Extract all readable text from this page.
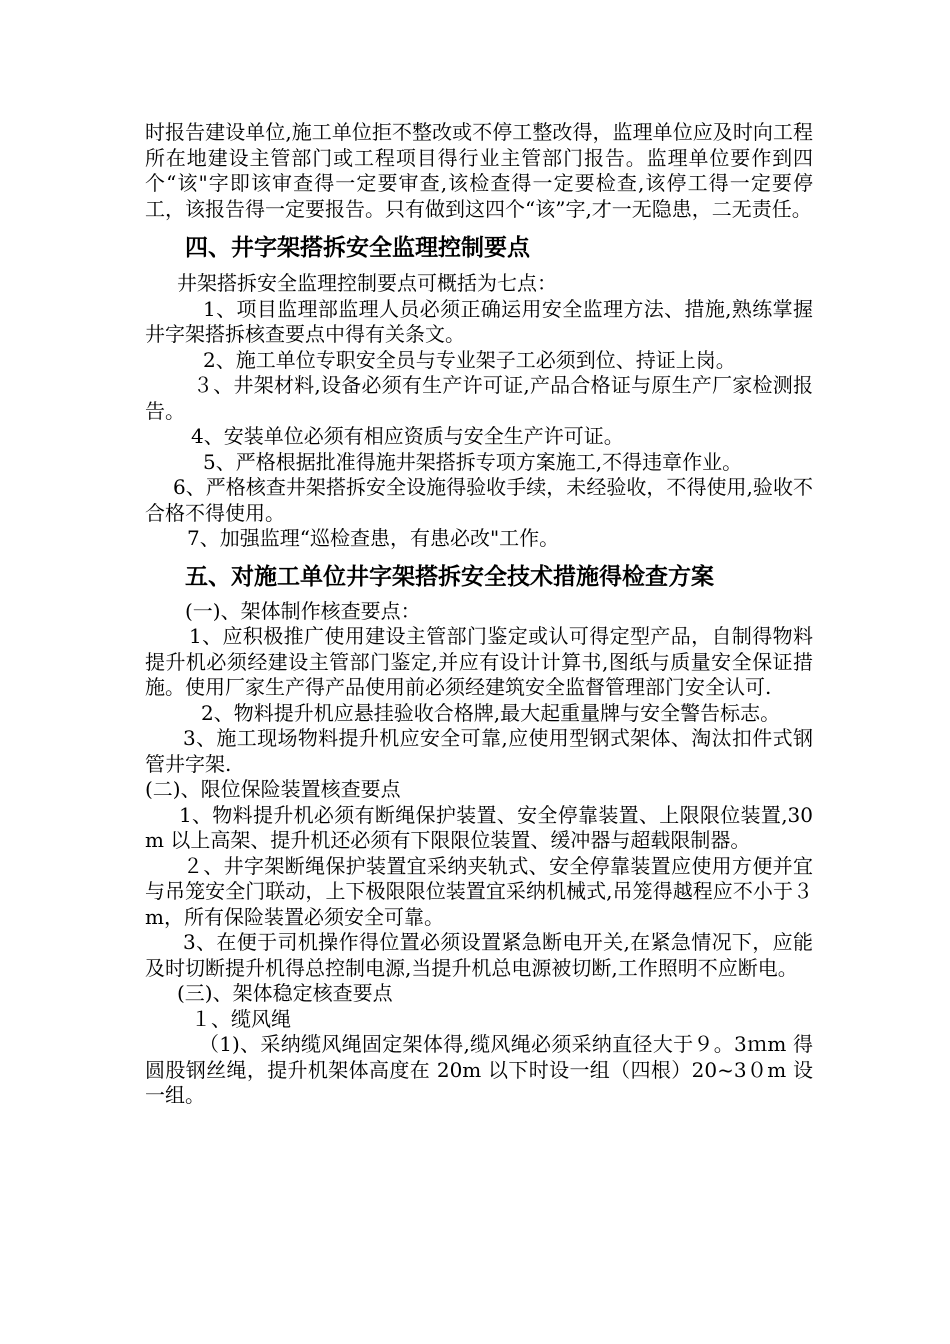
时报告建设单位,施工单位拒不整改或不停工整改得，监理单位应及时向工程所在地建设主管部门或工程项目得行业主管部门报告。监理单位要作到四个“该"字即该审查得一定要审查,该检查得一定要检查,该停工得一定要停工，该报告得一定要报告。只有做到这四个“该”字,才一无隐患，二无责任。

四、井字架搭拆安全监理控制要点

井架搭拆安全监理控制要点可概括为七点：

1、项目监理部监理人员必须正确运用安全监理方法、措施,熟练掌握井字架搭拆核查要点中得有关条文。

2、施工单位专职安全员与专业架子工必须到位、持证上岗。

３、井架材料,设备必须有生产许可证,产品合格证与原生产厂家检测报告。

4、安装单位必须有相应资质与安全生产许可证。

5、严格根据批准得施井架搭拆专项方案施工,不得违章作业。

6、严格核查井架搭拆安全设施得验收手续，未经验收，不得使用,验收不合格不得使用。

7、加强监理“巡检查患，有患必改"工作。

五、对施工单位井字架搭拆安全技术措施得检查方案

(一)、架体制作核查要点：

1、应积极推广使用建设主管部门鉴定或认可得定型产品，自制得物料提升机必须经建设主管部门鉴定,并应有设计计算书,图纸与质量安全保证措施。使用厂家生产得产品使用前必须经建筑安全监督管理部门安全认可.

2、物料提升机应悬挂验收合格牌,最大起重量牌与安全警告标志。

3、施工现场物料提升机应安全可靠,应使用型钢式架体、淘汰扣件式钢管井字架.

(二)、限位保险装置核查要点

1、物料提升机必须有断绳保护装置、安全停靠装置、上限限位装置,30m 以上高架、提升机还必须有下限限位装置、缓冲器与超载限制器。

２、井字架断绳保护装置宜采纳夹轨式、安全停靠装置应使用方便并宜与吊笼安全门联动，上下极限限位装置宜采纳机械式,吊笼得越程应不小于３m，所有保险装置必须安全可靠。

3、在便于司机操作得位置必须设置紧急断电开关,在紧急情况下，应能及时切断提升机得总控制电源,当提升机总电源被切断,工作照明不应断电。

(三)、架体稳定核查要点

１、缆风绳

（1)、采纳缆风绳固定架体得,缆风绳必须采纳直径大于９。3ｍm 得圆股钢丝绳，提升机架体高度在 20m 以下时设一组（四根）20~3０m 设一组。
